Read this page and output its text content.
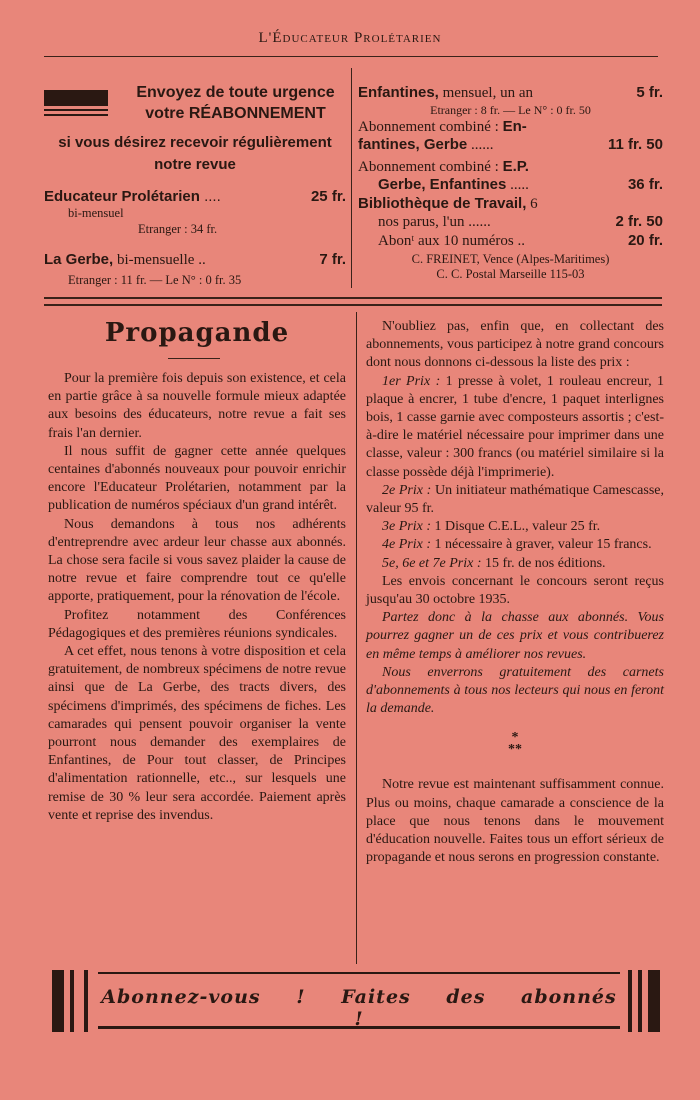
L'Éducateur Prolétarien
Envoyez de toute urgence
votre RÉABONNEMENT
si vous désirez recevoir régulièrement
notre revue
Educateur Prolétarien ....	25 fr.
bi-mensuel
Etranger : 34 fr.
La Gerbe, bi-mensuelle ..	7 fr.
Etranger : 11 fr. — Le N° : 0 fr. 35
Enfantines, mensuel, un an	5 fr.
Etranger : 8 fr. — Le N° : 0 fr. 50
Abonnement combiné : En-
fantines, Gerbe ......	11 fr. 50
Abonnement combiné : E.P.
Gerbe, Enfantines .....	36 fr.
Bibliothèque de Travail, 6
nos parus, l'un ......	2 fr. 50
Abonᵗ aux 10 numéros ..	20 fr.
C. FREINET, Vence (Alpes-Maritimes)
C. C. Postal Marseille 115-03
Propagande

Pour la première fois depuis son existence, et cela en partie grâce à sa nouvelle formule mieux adaptée aux besoins des éducateurs, notre revue a fait ses frais l'an dernier.

Il nous suffit de gagner cette année quelques centaines d'abonnés nouveaux pour pouvoir enrichir encore l'Educateur Prolétarien, notamment par la publication de numéros spéciaux d'un grand intérêt.

Nous demandons à tous nos adhérents d'entreprendre avec ardeur leur chasse aux abonnés. La chose sera facile si vous savez plaider la cause de notre revue et faire comprendre tout ce qu'elle apporte, pratiquement, pour la rénovation de l'école.

Profitez notamment des Conférences Pédagogiques et des premières réunions syndicales.

A cet effet, nous tenons à votre disposition et cela gratuitement, de nombreux spécimens de notre revue ainsi que de La Gerbe, des tracts divers, des spécimens d'imprimés, des spécimens de fiches. Les camarades qui pensent pouvoir organiser la vente pourront nous demander des exemplaires de Enfantines, de Pour tout classer, de Principes d'alimentation rationnelle, etc.., sur lesquels une remise de 30 % leur sera accordée. Paiement après vente et reprise des invendus.

N'oubliez pas, enfin que, en collectant des abonnements, vous participez à notre grand concours dont nous donnons ci-dessous la liste des prix :

1er Prix : 1 presse à volet, 1 rouleau encreur, 1 plaque à encrer, 1 tube d'encre, 1 paquet interlignes bois, 1 casse garnie avec composteurs assortis ; c'est-à-dire le matériel nécessaire pour imprimer dans une classe, valeur : 300 francs (ou matériel similaire si la classe possède déjà l'imprimerie).

2e Prix : Un initiateur mathématique Camescasse, valeur 95 fr.

3e Prix : 1 Disque C.E.L., valeur 25 fr.

4e Prix : 1 nécessaire à graver, valeur 15 francs.

5e, 6e et 7e Prix : 15 fr. de nos éditions.

Les envois concernant le concours seront reçus jusqu'au 30 octobre 1935.

Partez donc à la chasse aux abonnés. Vous pourrez gagner un de ces prix et vous contribuerez en même temps à améliorer nos revues.

Nous enverrons gratuitement des carnets d'abonnements à tous nos lecteurs qui nous en feront la demande.

*
**

Notre revue est maintenant suffisamment connue. Plus ou moins, chaque camarade a conscience de la place que nous tenons dans le mouvement d'éducation nouvelle. Faites tous un effort sérieux de propagande et nous serons en progression constante.

Abonnez-vous ! Faites des abonnés !
